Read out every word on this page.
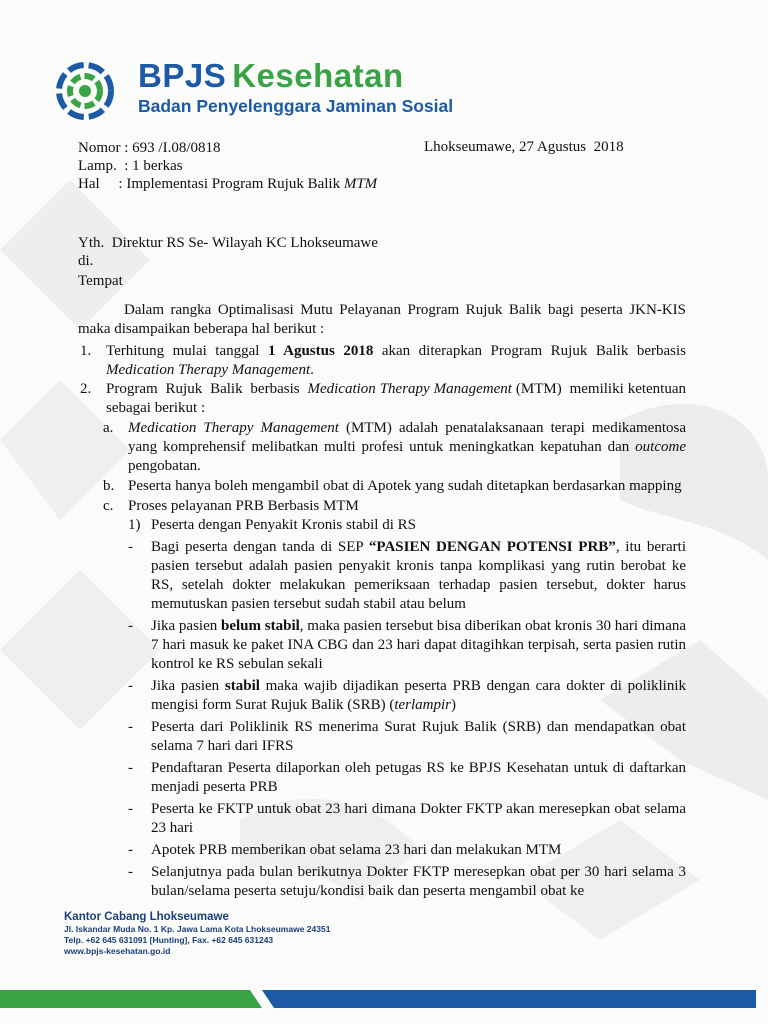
BPJS Kesehatan
Badan Penyelenggara Jaminan Sosial
Nomor : 693 /I.08/0818
Lamp. : 1 berkas
Hal : Implementasi Program Rujuk Balik MTM
Lhokseumawe, 27 Agustus  2018
Yth.  Direktur RS Se- Wilayah KC Lhokseumawe
di.
Tempat

Dalam rangka Optimalisasi Mutu Pelayanan Program Rujuk Balik bagi peserta JKN-KIS maka disampaikan beberapa hal berikut :

1. Terhitung mulai tanggal 1 Agustus 2018 akan diterapkan Program Rujuk Balik berbasis Medication Therapy Management.
2. Program  Rujuk  Balik  berbasis  Medication Therapy Management (MTM)  memiliki ketentuan sebagai berikut :
a. Medication Therapy Management (MTM) adalah penatalaksanaan terapi medikamentosa yang komprehensif melibatkan multi profesi untuk meningkatkan kepatuhan dan outcome pengobatan.
b. Peserta hanya boleh mengambil obat di Apotek yang sudah ditetapkan berdasarkan mapping
c. Proses pelayanan PRB Berbasis MTM
1) Peserta dengan Penyakit Kronis stabil di RS
-	Bagi peserta dengan tanda di SEP “PASIEN DENGAN POTENSI PRB”, itu berarti pasien tersebut adalah pasien penyakit kronis tanpa komplikasi yang rutin berobat ke RS, setelah dokter melakukan pemeriksaan terhadap pasien tersebut, dokter harus memutuskan pasien tersebut sudah stabil atau belum
-	Jika pasien belum stabil, maka pasien tersebut bisa diberikan obat kronis 30 hari dimana 7 hari masuk ke paket INA CBG dan 23 hari dapat ditagihkan terpisah, serta pasien rutin kontrol ke RS sebulan sekali
-	Jika pasien stabil maka wajib dijadikan peserta PRB dengan cara dokter di poliklinik mengisi form Surat Rujuk Balik (SRB) (terlampir)
-	Peserta dari Poliklinik RS menerima Surat Rujuk Balik (SRB) dan mendapatkan obat selama 7 hari dari IFRS
-	Pendaftaran Peserta dilaporkan oleh petugas RS ke BPJS Kesehatan untuk di daftarkan menjadi peserta PRB
-	Peserta ke FKTP untuk obat 23 hari dimana Dokter FKTP akan meresepkan obat selama 23 hari
-	Apotek PRB memberikan obat selama 23 hari dan melakukan MTM
-	Selanjutnya pada bulan berikutnya Dokter FKTP meresepkan obat per 30 hari selama 3 bulan/selama peserta setuju/kondisi baik dan peserta mengambil obat ke
Kantor Cabang Lhokseumawe
Jl. Iskandar Muda No. 1 Kp. Jawa Lama Kota Lhokseumawe 24351
Telp. +62 645 631091 [Hunting], Fax. +62 645 631243
www.bpjs-kesehatan.go.id
